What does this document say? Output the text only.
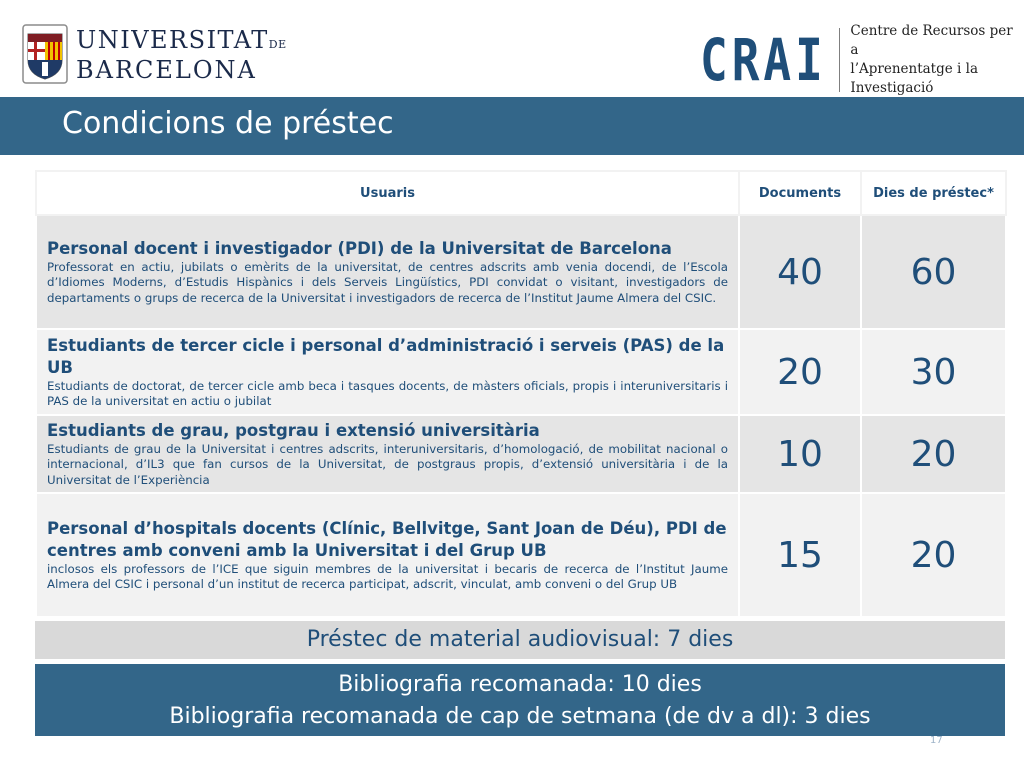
UNIVERSITATDE
BARCELONA	CRAI Centre de Recursos per a
l’Aprenentatge i la Investigació
Condicions de préstec
Usuaris	Documents	Dies de préstec*

Personal docent i investigador (PDI) de la Universitat de Barcelona
Professorat en actiu, jubilats o emèrits de la universitat, de centres adscrits amb venia docendi, de l’Escola d’Idiomes Moderns, d’Estudis Hispànics i dels Serveis Lingüístics, PDI convidat o visitant, investigadors de departaments o grups de recerca de la Universitat i investigadors de recerca de l’Institut Jaume Almera del CSIC.	40	60

Estudiants de tercer cicle i personal d’administració i serveis (PAS) de la UB
Estudiants de doctorat, de tercer cicle amb beca i tasques docents, de màsters oficials, propis i interuniversitaris i PAS de la universitat en actiu o jubilat	20	30

Estudiants de grau, postgrau i extensió universitària
Estudiants de grau de la Universitat i centres adscrits, interuniversitaris, d’homologació, de mobilitat nacional o internacional, d’IL3 que fan cursos de la Universitat, de postgraus propis, d’extensió universitària i de la Universitat de l’Experiència	10	20

Personal d’hospitals docents (Clínic, Bellvitge, Sant Joan de Déu), PDI de centres amb conveni amb la Universitat i del Grup UB
inclosos els professors de l’ICE que siguin membres de la universitat i becaris de recerca de l’Institut Jaume Almera del CSIC i personal d’un institut de recerca participat, adscrit, vinculat, amb conveni o del Grup UB	15	20
Préstec de material audiovisual: 7 dies
Bibliografia recomanada: 10 dies
Bibliografia recomanada de cap de setmana (de dv a dl): 3 dies
17
